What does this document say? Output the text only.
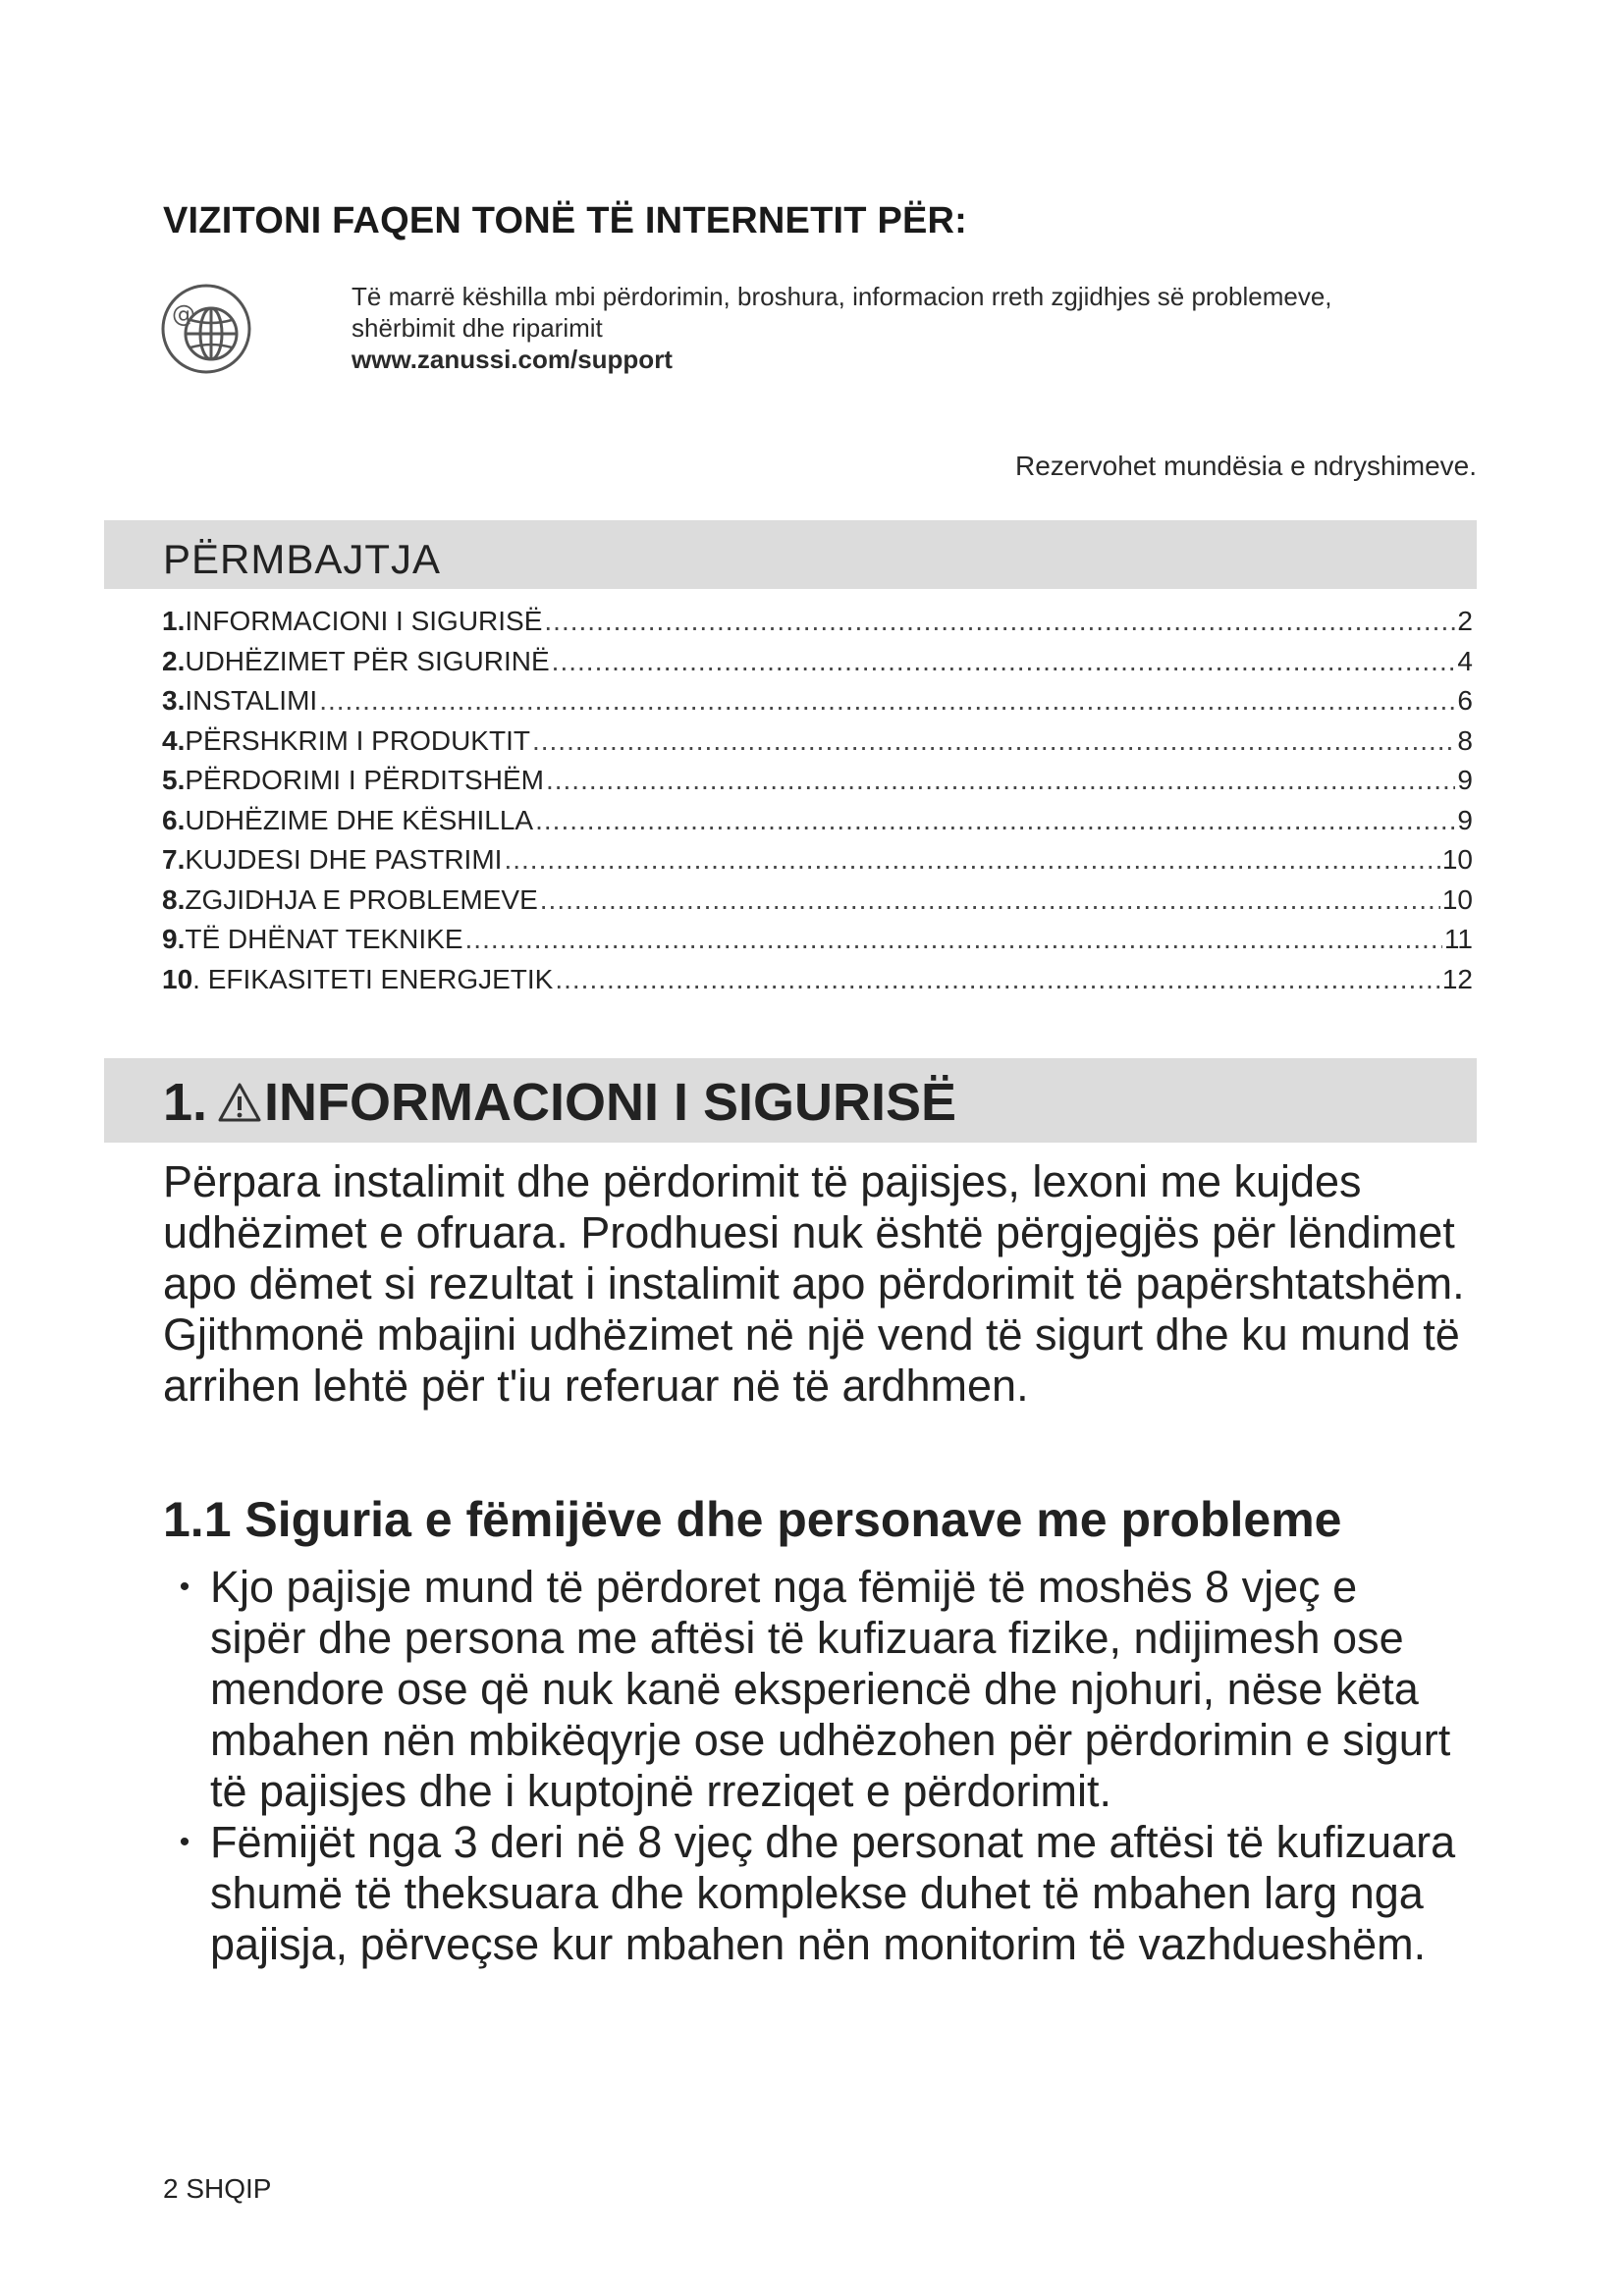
VIZITONI FAQEN TONË TË INTERNETIT PËR:
@
Të marrë këshilla mbi përdorimin, broshura, informacion rreth zgjidhjes së problemeve, shërbimit dhe riparimit
www.zanussi.com/support
Rezervohet mundësia e ndryshimeve.
PËRMBAJTJA
1. INFORMACIONI I SIGURISË .....	2
2. UDHËZIMET PËR SIGURINË .....	4
3. INSTALIMI .....	6
4. PËRSHKRIM I PRODUKTIT .....	8
5. PËRDORIMI I PËRDITSHËM .....	9
6. UDHËZIME DHE KËSHILLA .....	9
7. KUJDESI DHE PASTRIMI .....	10
8. ZGJIDHJA E PROBLEMEVE .....	10
9. TË DHËNAT TEKNIKE .....	11
10 . EFIKASITETI ENERGJETIK .....	12
1. INFORMACIONI I SIGURISË
Përpara instalimit dhe përdorimit të pajisjes, lexoni me kujdes udhëzimet e ofruara. Prodhuesi nuk është përgjegjës për lëndimet apo dëmet si rezultat i instalimit apo përdorimit të papërshtatshëm. Gjithmonë mbajini udhëzimet në një vend të sigurt dhe ku mund të arrihen lehtë për t'iu referuar në të ardhmen.
1.1 Siguria e fëmijëve dhe personave me probleme
• Kjo pajisje mund të përdoret nga fëmijë të moshës 8 vjeç e sipër dhe persona me aftësi të kufizuara fizike, ndijimesh ose mendore ose që nuk kanë eksperiencë dhe njohuri, nëse këta mbahen nën mbikëqyrje ose udhëzohen për përdorimin e sigurt të pajisjes dhe i kuptojnë rreziqet e përdorimit.
• Fëmijët nga 3 deri në 8 vjeç dhe personat me aftësi të kufizuara shumë të theksuara dhe komplekse duhet të mbahen larg nga pajisja, përveçse kur mbahen nën monitorim të vazhdueshëm.
2 SHQIP
